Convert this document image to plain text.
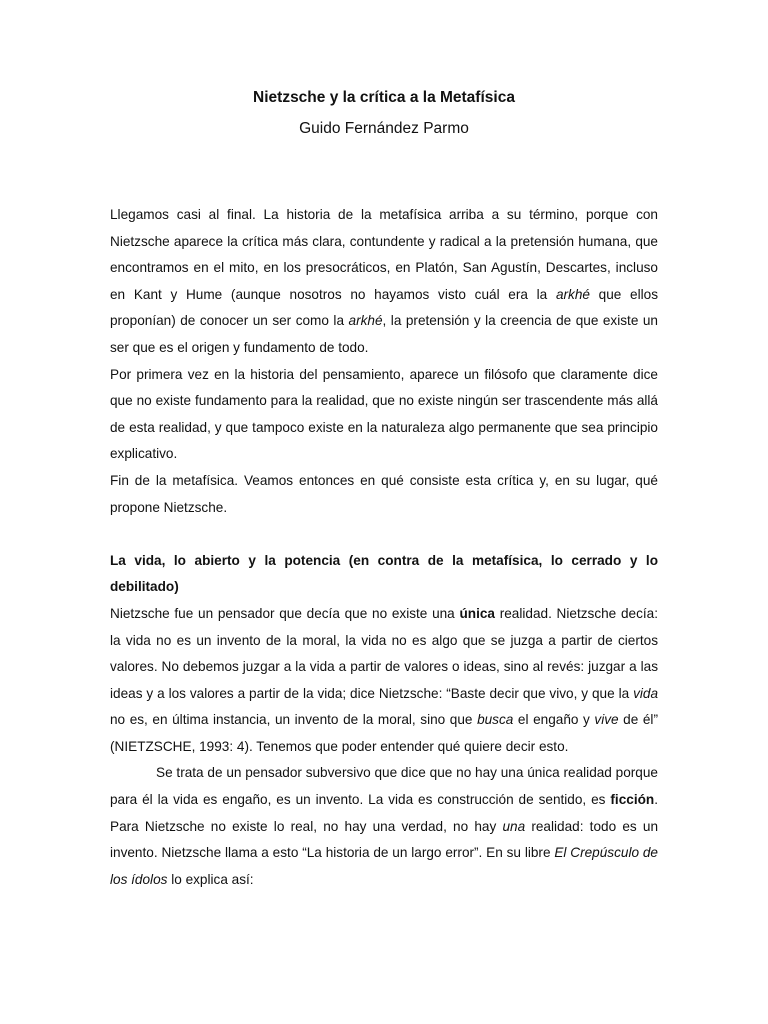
Nietzsche y la crítica a la Metafísica
Guido Fernández Parmo

Llegamos casi al final. La historia de la metafísica arriba a su término, porque con Nietzsche aparece la crítica más clara, contundente y radical a la pretensión humana, que encontramos en el mito, en los presocráticos, en Platón, San Agustín, Descartes, incluso en Kant y Hume (aunque nosotros no hayamos visto cuál era la arkhé que ellos proponían) de conocer un ser como la arkhé, la pretensión y la creencia de que existe un ser que es el origen y fundamento de todo.

Por primera vez en la historia del pensamiento, aparece un filósofo que claramente dice que no existe fundamento para la realidad, que no existe ningún ser trascendente más allá de esta realidad, y que tampoco existe en la naturaleza algo permanente que sea principio explicativo.

Fin de la metafísica. Veamos entonces en qué consiste esta crítica y, en su lugar, qué propone Nietzsche.

La vida, lo abierto y la potencia (en contra de la metafísica, lo cerrado y lo debilitado)

Nietzsche fue un pensador que decía que no existe una única realidad. Nietzsche decía: la vida no es un invento de la moral, la vida no es algo que se juzga a partir de ciertos valores. No debemos juzgar a la vida a partir de valores o ideas, sino al revés: juzgar a las ideas y a los valores a partir de la vida; dice Nietzsche: “Baste decir que vivo, y que la vida no es, en última instancia, un invento de la moral, sino que busca el engaño y vive de él” (NIETZSCHE, 1993: 4). Tenemos que poder entender qué quiere decir esto.

Se trata de un pensador subversivo que dice que no hay una única realidad porque para él la vida es engaño, es un invento. La vida es construcción de sentido, es ficción. Para Nietzsche no existe lo real, no hay una verdad, no hay una realidad: todo es un invento. Nietzsche llama a esto “La historia de un largo error”. En su libre El Crepúsculo de los ídolos lo explica así:
